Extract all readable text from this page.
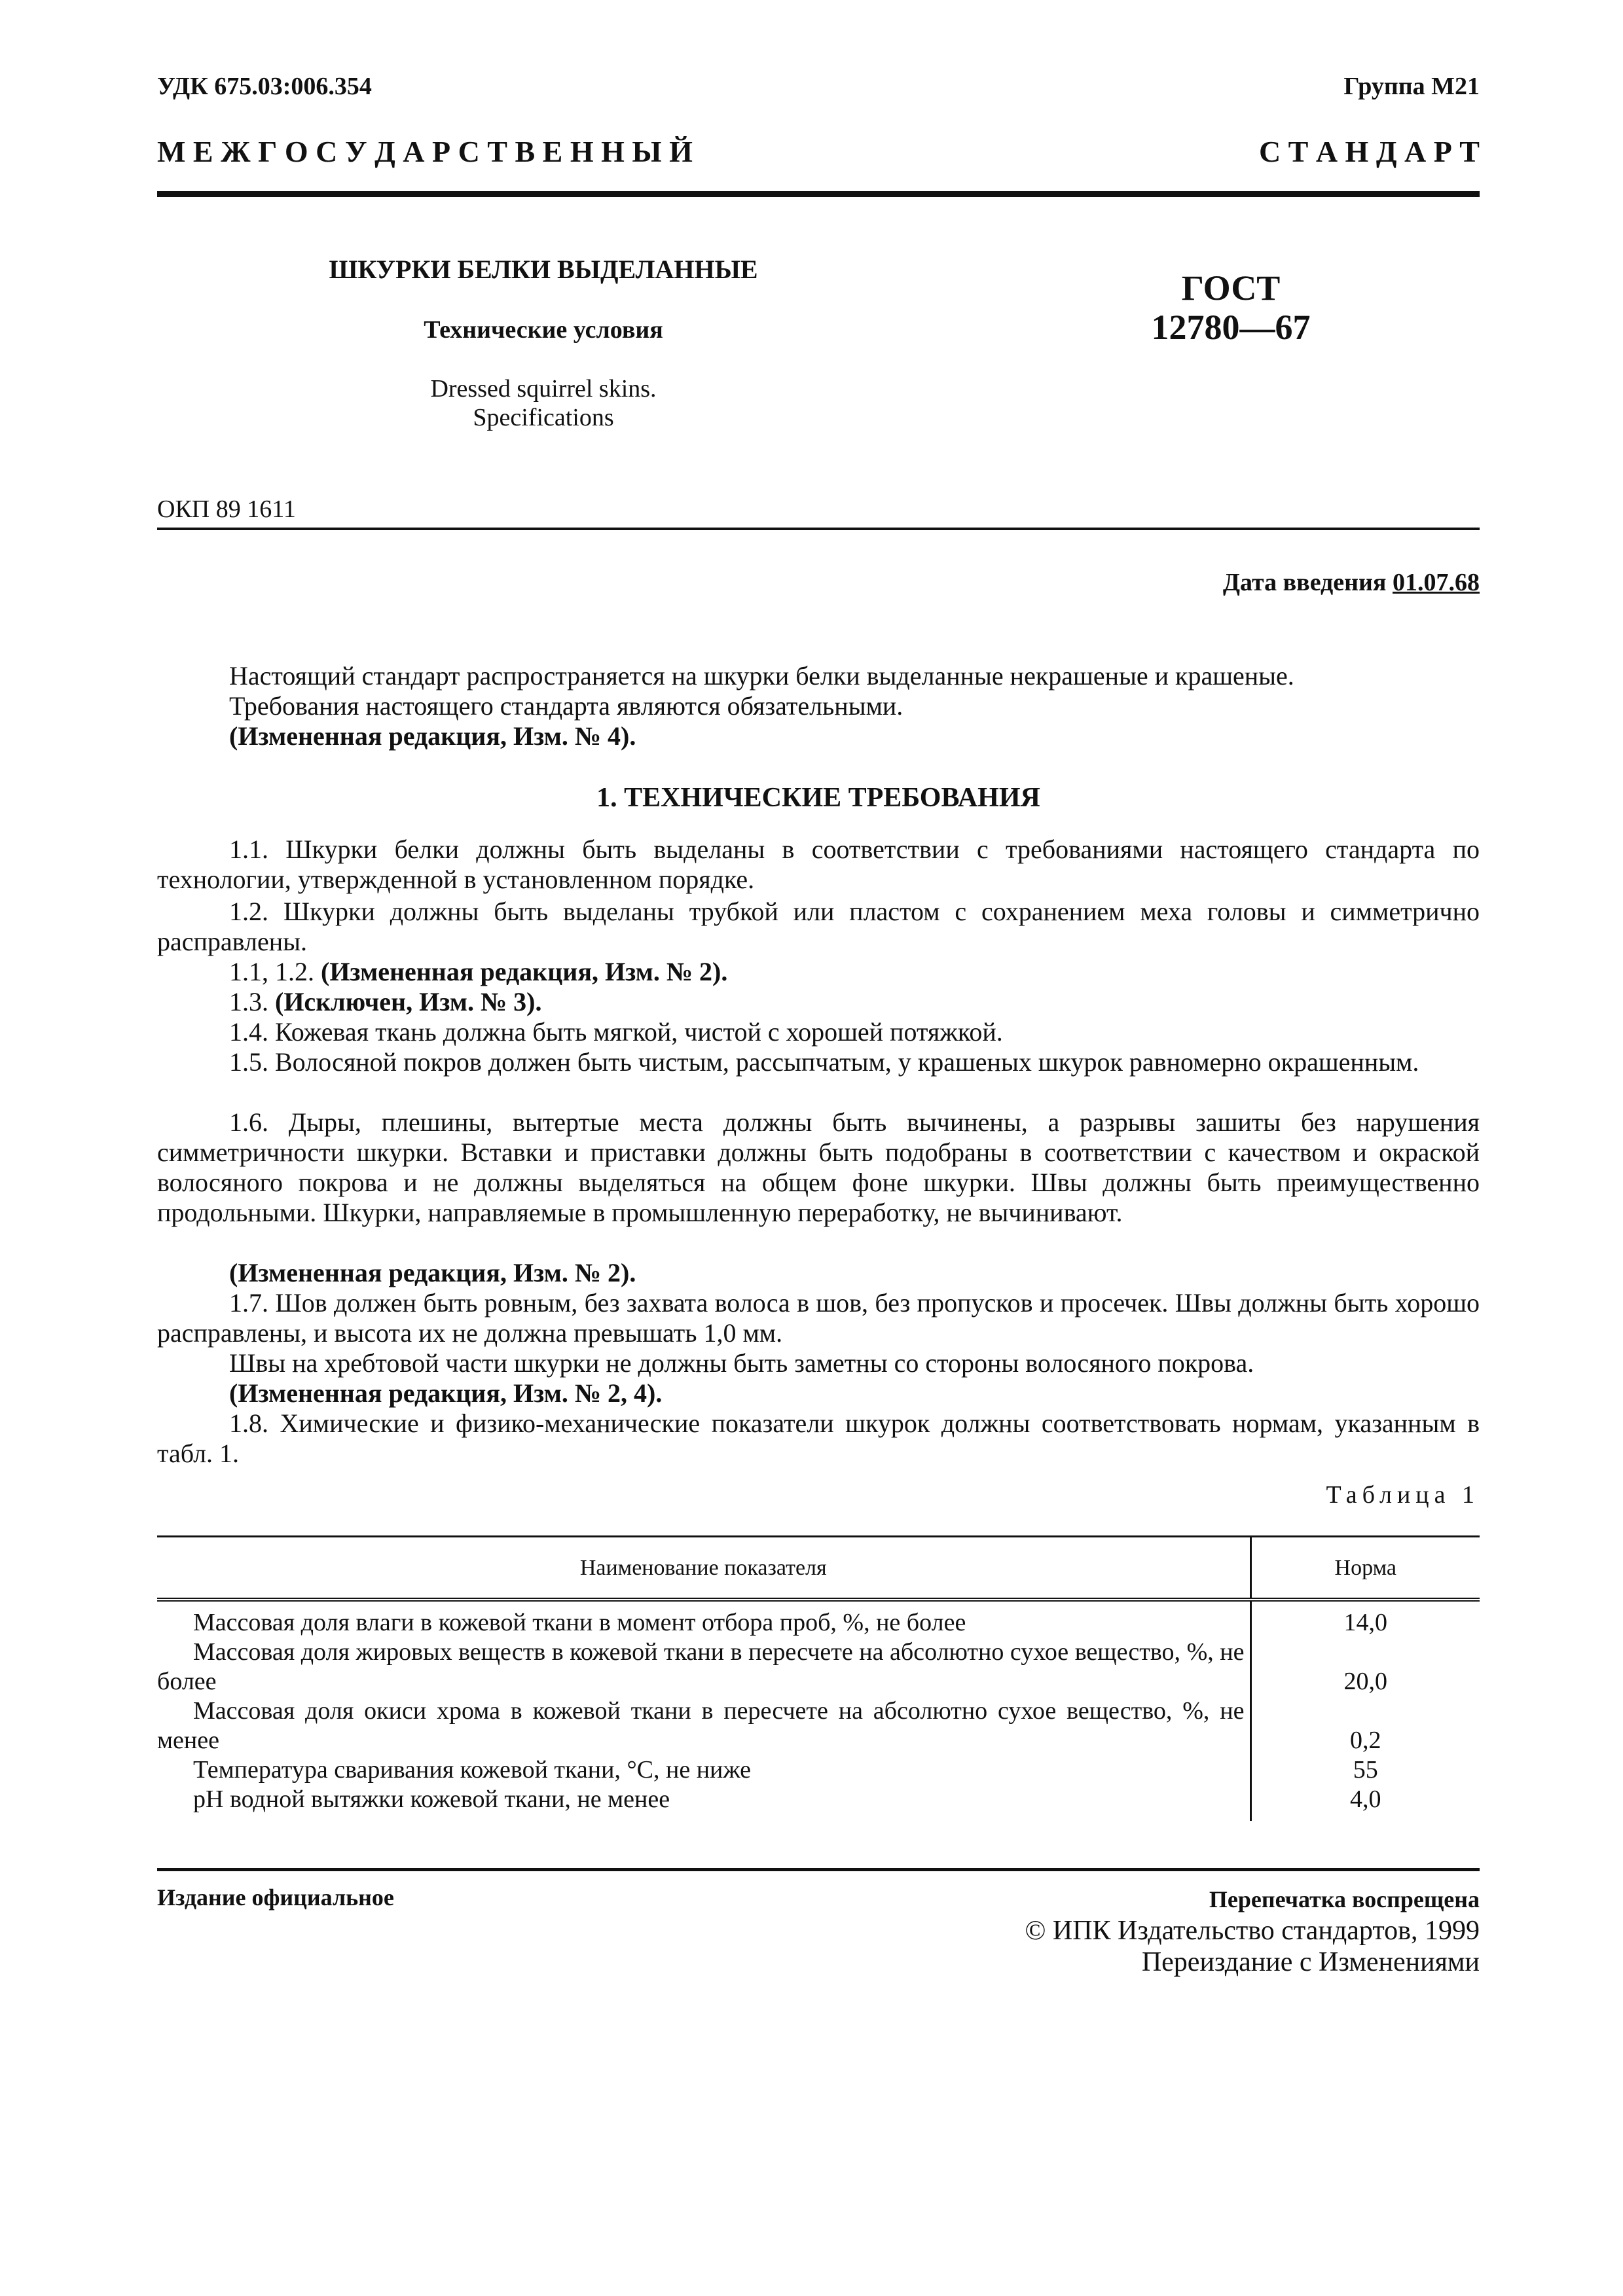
УДК 675.03:006.354	Группа М21
М Е Ж Г О С У Д А Р С Т В Е Н Н Ы Й	С Т А Н Д А Р Т
ШКУРКИ БЕЛКИ ВЫДЕЛАННЫЕ
Технические условия
Dressed squirrel skins.
Specifications
ГОСТ
12780—67
ОКП 89 1611
Дата введения 01.07.68
Настоящий стандарт распространяется на шкурки белки выделанные некрашеные и крашеные.
Требования настоящего стандарта являются обязательными.
(Измененная редакция, Изм. № 4).
1. ТЕХНИЧЕСКИЕ ТРЕБОВАНИЯ
1.1. Шкурки белки должны быть выделаны в соответствии с требованиями настоящего стандарта по технологии, утвержденной в установленном порядке.
1.2. Шкурки должны быть выделаны трубкой или пластом с сохранением меха головы и симметрично расправлены.
1.1, 1.2. (Измененная редакция, Изм. № 2).
1.3. (Исключен, Изм. № 3).
1.4. Кожевая ткань должна быть мягкой, чистой с хорошей потяжкой.
1.5. Волосяной покров должен быть чистым, рассыпчатым, у крашеных шкурок равномерно окрашенным.
1.6. Дыры, плешины, вытертые места должны быть вычинены, а разрывы зашиты без нарушения симметричности шкурки. Вставки и приставки должны быть подобраны в соответствии с качеством и окраской волосяного покрова и не должны выделяться на общем фоне шкурки. Швы должны быть преимущественно продольными. Шкурки, направляемые в промышленную переработку, не вычинивают.
(Измененная редакция, Изм. № 2).
1.7. Шов должен быть ровным, без захвата волоса в шов, без пропусков и просечек. Швы должны быть хорошо расправлены, и высота их не должна превышать 1,0 мм.
Швы на хребтовой части шкурки не должны быть заметны со стороны волосяного покрова.
(Измененная редакция, Изм. № 2, 4).
1.8. Химические и физико-механические показатели шкурок должны соответствовать нормам, указанным в табл. 1.
Таблица 1
Наименование показателя	Норма

Массовая доля влаги в кожевой ткани в момент отбора проб, %, не более	14,0

Массовая доля жировых веществ в кожевой ткани в пересчете на абсолютно сухое вещество, %, не более	20,0

Массовая доля окиси хрома в кожевой ткани в пересчете на абсолютно сухое вещество, %, не менее	0,2

Температура сваривания кожевой ткани, °С, не ниже	55

pH водной вытяжки кожевой ткани, не менее	4,0
Издание официальное	Перепечатка воспрещена
© ИПК Издательство стандартов, 1999
Переиздание с Изменениями
